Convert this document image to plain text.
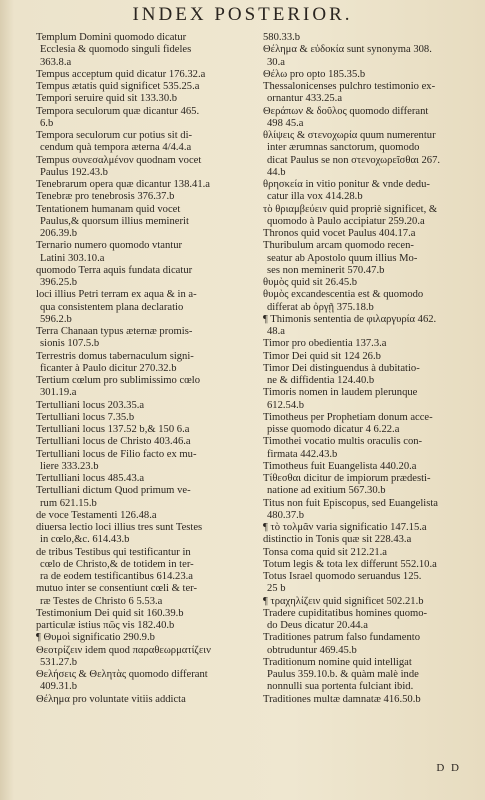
INDEX POSTERIOR.
Templum Domini quomodo dicatur
Ecclesia & quomodo singuli fideles
363.8.a
Tempus acceptum quid dicatur 176.32.a
Tempus ætatis quid significet 535.25.a
Tempori seruire quid sit 133.30.b
Tempora seculorum quæ dicantur 465.
6.b
Tempora seculorum cur potius sit di-
cendum quà tempora æterna 4/4.4.a
Tempus συνεσαλμένον quodnam vocet
Paulus 192.43.b
Tenebrarum opera quæ dicantur 138.41.a
Tenebræ pro tenebrosis 376.37.b
Tentationem humanam quid vocet
Paulus,& quorsum illius meminerit
206.39.b
Ternario numero quomodo vtantur
Latini 303.10.a
quomodo Terra aquis fundata dicatur
396.25.b
loci illius Petri terram ex aqua & in a-
qua consistentem plana declaratio
596.2.b
Terra Chanaan typus æternæ promis-
sionis 107.5.b
Terrestris domus tabernaculum signi-
ficanter à Paulo dicitur 270.32.b
Tertium cœlum pro sublimissimo cœlo
301.19.a
Tertulliani locus 203.35.a
Tertulliani locus 7.35.b
Tertulliani locus 137.52 b,& 150 6.a
Tertulliani locus de Christo 403.46.a
Tertulliani locus de Filio facto ex mu-
liere 333.23.b
Tertulliani locus 485.43.a
Tertulliani dictum Quod primum ve-
rum 621.15.b
de voce Testamenti 126.48.a
diuersa lectio loci illius tres sunt Testes
in cœlo,&c. 614.43.b
de tribus Testibus qui testificantur in
cœlo de Christo,& de totidem in ter-
ra de eodem testificantibus 614.23.a
mutuo inter se consentiunt cœli & ter-
ræ Testes de Christo 6 5.53.a
Testimonium Dei quid sit 160.39.b
particulæ istius πῶς vis 182.40.b
¶ Θυμοὶ significatio 290.9.b
Θεοτρίζειν idem quod παραθεωρματίζειν
531.27.b
Θελήσεις & Θελητὰς quomodo differant
409.31.b
Θέλημα pro voluntate vitiis addicta
580.33.b
Θέλημα & εὐδοκία sunt synonyma 308.
30.a
Θέλω pro opto 185.35.b
Thessalonicenses pulchro testimonio ex-
ornantur 433.25.a
Θεράπων & δοῦλος quomodo differant
498 45.a
θλίψεις & στενοχωρία quum numerentur
inter ærumnas sanctorum, quomodo
dicat Paulus se non στενοχωρεῖσθαι 267.
44.b
θρησκεία in vitio ponitur & vnde dedu-
catur illa vox 414.28.b
τὸ θριαμβεύειν quid propriè significet, &
quomodo à Paulo accipiatur 259.20.a
Thronos quid vocet Paulus 404.17.a
Thuribulum arcam quomodo recen-
seatur ab Apostolo quum illius Mo-
ses non meminerit 570.47.b
θυμὸς quid sit 26.45.b
θυμὸς excandescentia est & quomodo
differat ab ὀργῇ 375.18.b
¶ Thimonis sententia de φιλαργυρία 462.
48.a
Timor pro obedientia 137.3.a
Timor Dei quid sit 124 26.b
Timor Dei distinguendus à dubitatio-
ne & diffidentia 124.40.b
Timoris nomen in laudem plerunque
612.54.b
Timotheus per Prophetiam donum acce-
pisse quomodo dicatur 4 6.22.a
Timothei vocatio multis oraculis con-
firmata 442.43.b
Timotheus fuit Euangelista 440.20.a
Τίθεσθαι dicitur de impiorum prædesti-
natione ad exitium 567.30.b
Titus non fuit Episcopus, sed Euangelista
480.37.b
¶ τὸ τολμᾶν varia significatio 147.15.a
distinctio in Tonis quæ sit 228.43.a
Tonsa coma quid sit 212.21.a
Totum legis & tota lex differunt 552.10.a
Totus Israel quomodo seruandus 125.
25 b
¶ τραχηλίζειν quid significet 502.21.b
Tradere cupiditatibus homines quomo-
do Deus dicatur 20.44.a
Traditiones patrum falso fundamento
obtruduntur 469.45.b
Traditionum nomine quid intelligat
Paulus 359.10.b. & quàm malè inde
nonnulli sua portenta fulciant ibid.
Traditiones multæ damnatæ 416.50.b
D D
